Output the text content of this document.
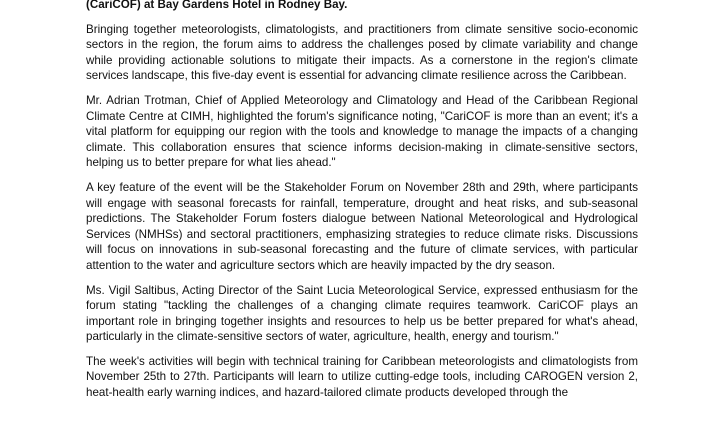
(CariCOF) at Bay Gardens Hotel in Rodney Bay.

Bringing together meteorologists, climatologists, and practitioners from climate sensitive socio-economic sectors in the region, the forum aims to address the challenges posed by climate variability and change while providing actionable solutions to mitigate their impacts. As a cornerstone in the region's climate services landscape, this five-day event is essential for advancing climate resilience across the Caribbean.

Mr. Adrian Trotman, Chief of Applied Meteorology and Climatology and Head of the Caribbean Regional Climate Centre at CIMH, highlighted the forum's significance noting, "CariCOF is more than an event; it's a vital platform for equipping our region with the tools and knowledge to manage the impacts of a changing climate. This collaboration ensures that science informs decision-making in climate-sensitive sectors, helping us to better prepare for what lies ahead."

A key feature of the event will be the Stakeholder Forum on November 28th and 29th, where participants will engage with seasonal forecasts for rainfall, temperature, drought and heat risks, and sub-seasonal predictions. The Stakeholder Forum fosters dialogue between National Meteorological and Hydrological Services (NMHSs) and sectoral practitioners, emphasizing strategies to reduce climate risks. Discussions will focus on innovations in sub-seasonal forecasting and the future of climate services, with particular attention to the water and agriculture sectors which are heavily impacted by the dry season.

Ms. Vigil Saltibus, Acting Director of the Saint Lucia Meteorological Service, expressed enthusiasm for the forum stating "tackling the challenges of a changing climate requires teamwork. CariCOF plays an important role in bringing together insights and resources to help us be better prepared for what's ahead, particularly in the climate-sensitive sectors of water, agriculture, health, energy and tourism."

The week's activities will begin with technical training for Caribbean meteorologists and climatologists from November 25th to 27th. Participants will learn to utilize cutting-edge tools, including CAROGEN version 2, heat-health early warning indices, and hazard-tailored climate products developed through the
